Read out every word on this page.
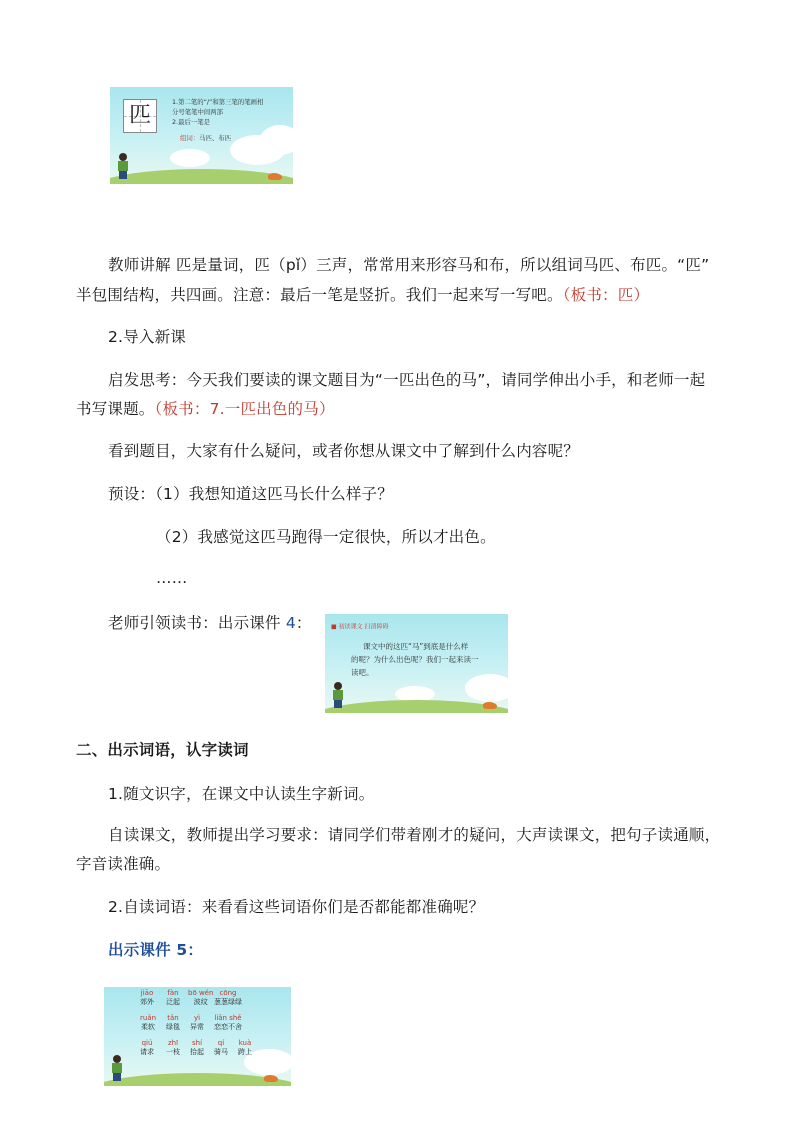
匹
1.第二笔的“/”和第三笔的笔画相
分号笔笔中间两部
2.最后一笔是
组词：马匹、布匹
教师讲解 匹是量词，匹（pǐ）三声，常常用来形容马和布，所以组词马匹、布匹。“匹”
半包围结构，共四画。注意：最后一笔是竖折。我们一起来写一写吧。（板书：匹）
2.导入新课
启发思考：今天我们要读的课文题目为“一匹出色的马”，请同学伸出小手，和老师一起
书写课题。（板书：7.一匹出色的马）
看到题目，大家有什么疑问，或者你想从课文中了解到什么内容呢？
预设：（1）我想知道这匹马长什么样子？
（2）我感觉这匹马跑得一定很快，所以才出色。
……
老师引领读书：出示课件 4：	■ 初读课文 扫清障碍
课文中的这匹“马”到底是什么样
的呢？为什么出色呢？我们一起来读一
读吧。
二、出示词语，认字读词
1.随文识字，在课文中认读生字新词。
自读课文，教师提出学习要求：请同学们带着刚才的疑问，大声读课文，把句子读通顺，
字音读准确。
2.自读词语：来看看这些词语你们是否都能都准确呢？
出示课件 5：
jiāo
郊外
fàn
泛起
bō wén
波纹
cōng
葱葱绿绿
ruǎn
柔软
tǎn
绿毯
yì
异常
liǎn shě
恋恋不舍
qiú
请求
zhī
一枝
shí
拾起
qí
骑马
kuà
跨上
